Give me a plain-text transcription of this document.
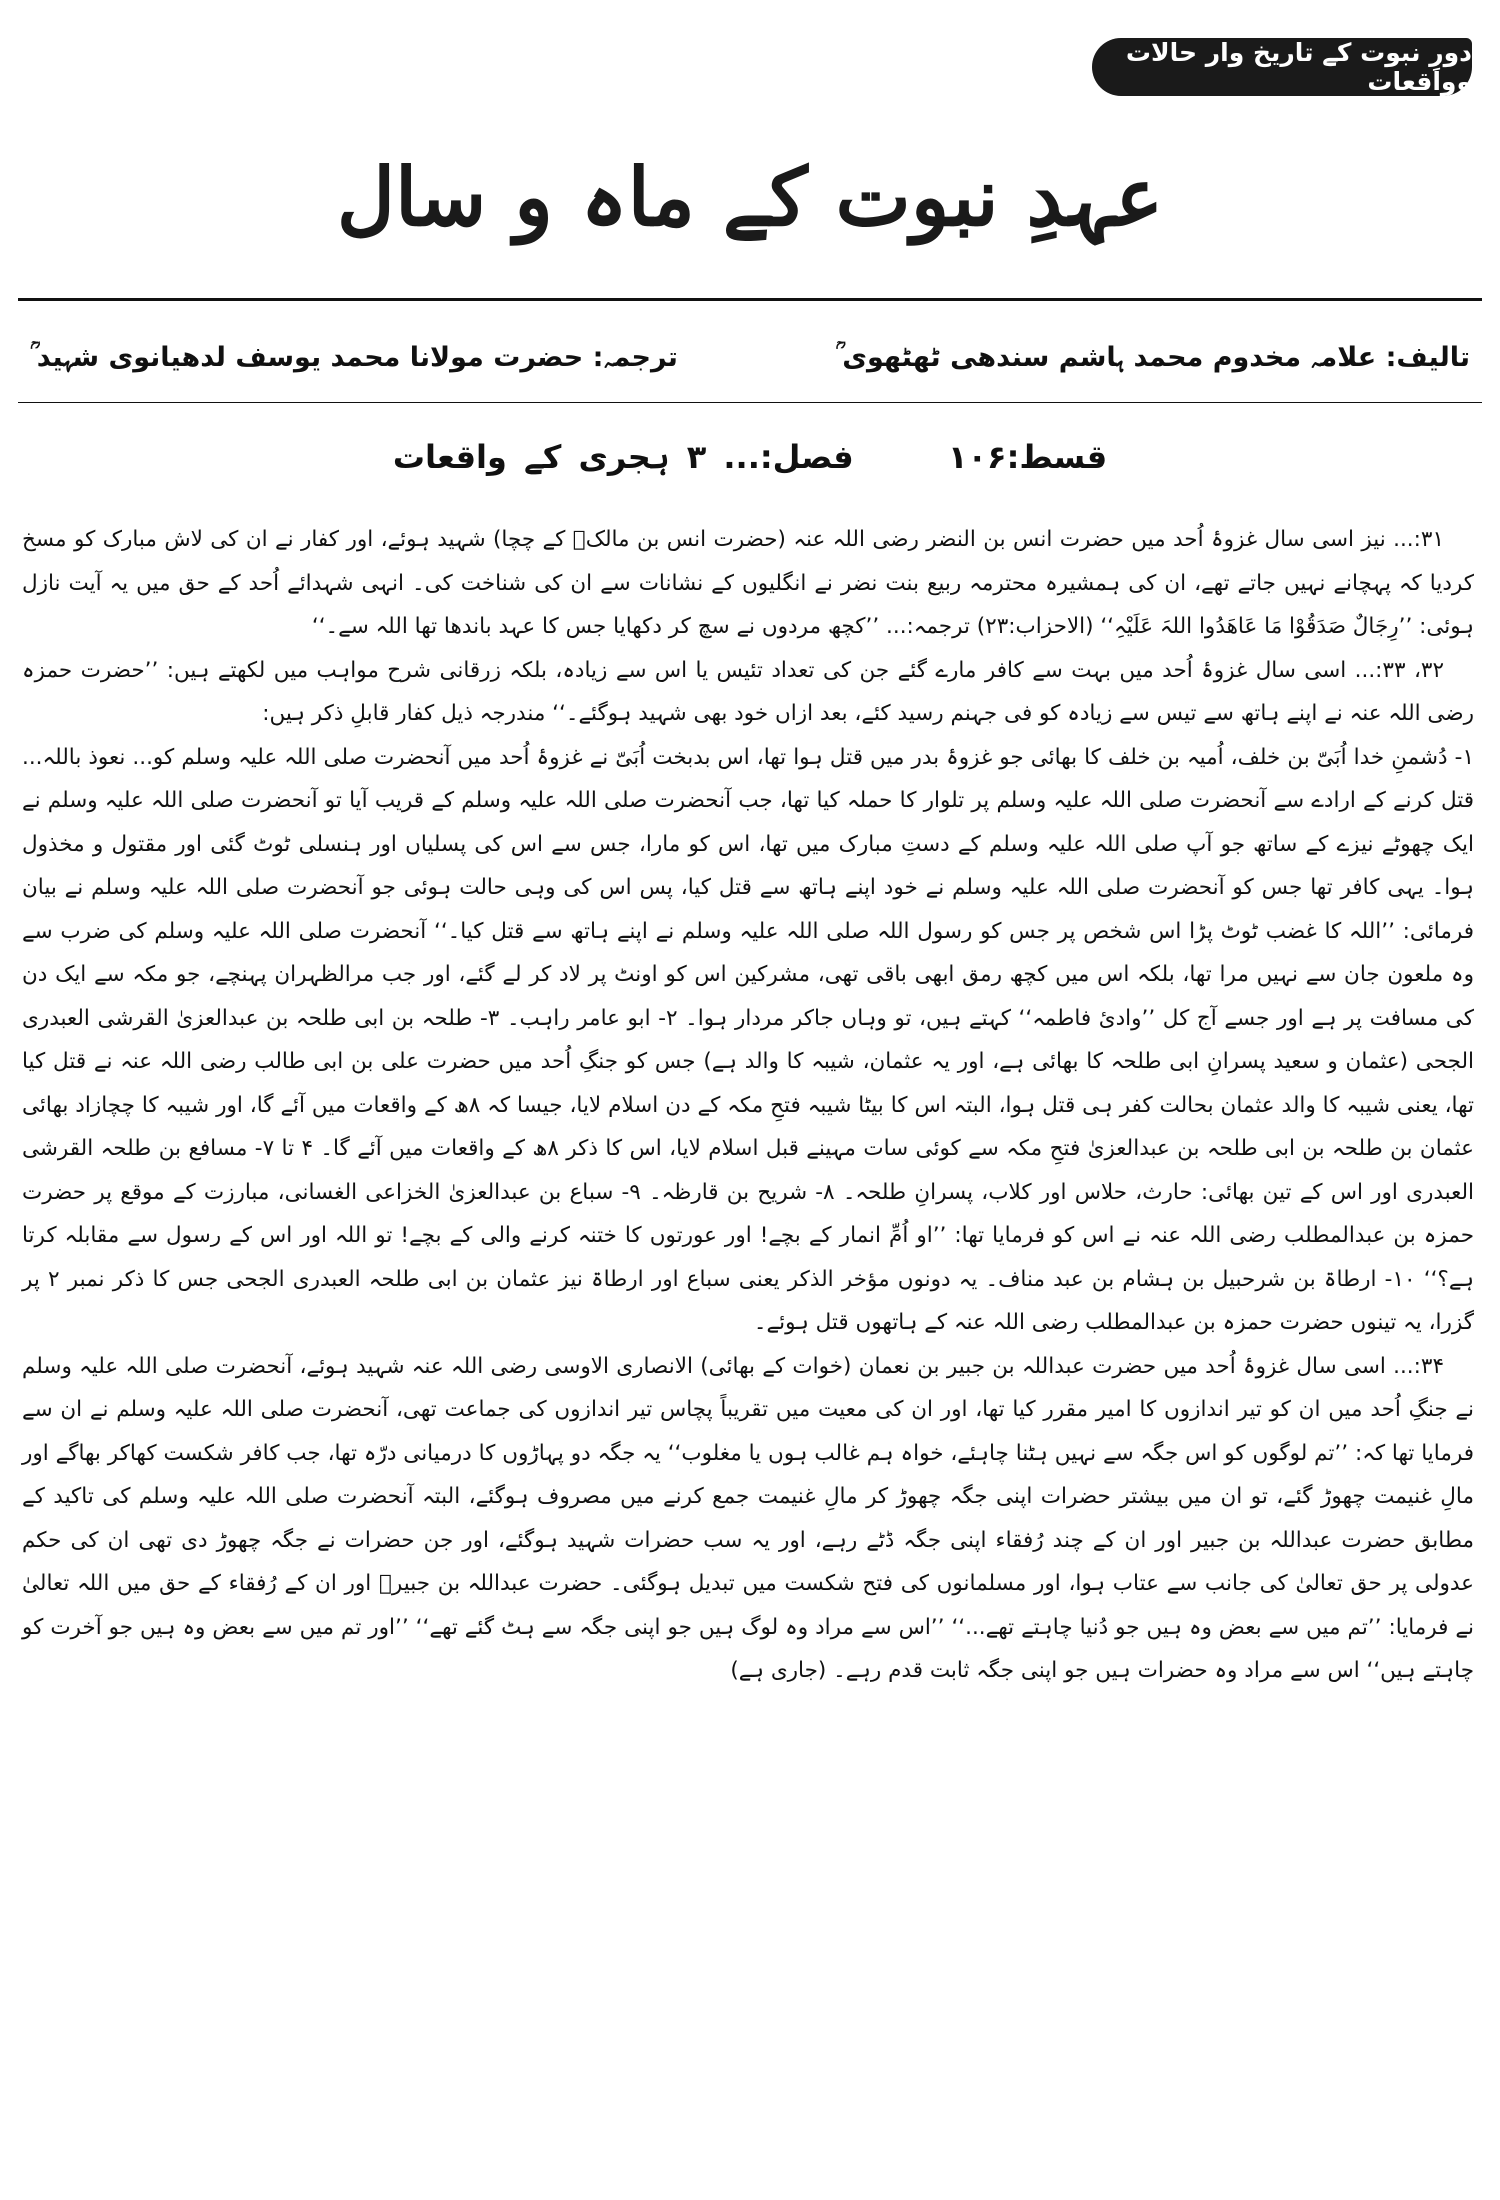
دورِ نبوت کے تاریخ وار حالات وواقعات
عہدِ نبوت کے ماہ و سال
تالیف: علامہ مخدوم محمد ہاشم سندھی ٹھٹھوی ؒ
ترجمہ: حضرت مولانا محمد یوسف لدھیانوی شہید ؒ
قسط:۱۰۶  فصل:... ۳ ہجری کے واقعات

۳۱:... نیز اسی سال غزوۂ اُحد میں حضرت انس بن النضر رضی اللہ عنہ (حضرت انس بن مالکؓ کے چچا) شہید ہوئے، اور کفار نے ان کی لاش مبارک کو مسخ کردیا کہ پہچانے نہیں جاتے تھے، ان کی ہمشیرہ محترمہ ربیع بنت نضر نے انگلیوں کے نشانات سے ان کی شناخت کی۔ انہی شہدائے اُحد کے حق میں یہ آیت نازل ہوئی: ’’رِجَالٌ صَدَقُوْا مَا عَاھَدُوا اللہَ عَلَیْہِ‘‘ (الاحزاب:۲۳) ترجمہ:... ’’کچھ مردوں نے سچ کر دکھایا جس کا عہد باندھا تھا اللہ سے۔‘‘

۳۲، ۳۳:... اسی سال غزوۂ اُحد میں بہت سے کافر مارے گئے جن کی تعداد تئیس یا اس سے زیادہ، بلکہ زرقانی شرح مواہب میں لکھتے ہیں: ’’حضرت حمزہ رضی اللہ عنہ نے اپنے ہاتھ سے تیس سے زیادہ کو فی جہنم رسید کئے، بعد ازاں خود بھی شہید ہوگئے۔‘‘ مندرجہ ذیل کفار قابلِ ذکر ہیں:

۱- دُشمنِ خدا اُبَیّ بن خلف، اُمیہ بن خلف کا بھائی جو غزوۂ بدر میں قتل ہوا تھا، اس بدبخت اُبَیّ نے غزوۂ اُحد میں آنحضرت صلی اللہ علیہ وسلم کو... نعوذ باللہ... قتل کرنے کے ارادے سے آنحضرت صلی اللہ علیہ وسلم پر تلوار کا حملہ کیا تھا، جب آنحضرت صلی اللہ علیہ وسلم کے قریب آیا تو آنحضرت صلی اللہ علیہ وسلم نے ایک چھوٹے نیزے کے ساتھ جو آپ صلی اللہ علیہ وسلم کے دستِ مبارک میں تھا، اس کو مارا، جس سے اس کی پسلیاں اور ہنسلی ٹوٹ گئی اور مقتول و مخذول ہوا۔ یہی کافر تھا جس کو آنحضرت صلی اللہ علیہ وسلم نے خود اپنے ہاتھ سے قتل کیا، پس اس کی وہی حالت ہوئی جو آنحضرت صلی اللہ علیہ وسلم نے بیان فرمائی: ’’اللہ کا غضب ٹوٹ پڑا اس شخص پر جس کو رسول اللہ صلی اللہ علیہ وسلم نے اپنے ہاتھ سے قتل کیا۔‘‘ آنحضرت صلی اللہ علیہ وسلم کی ضرب سے وہ ملعون جان سے نہیں مرا تھا، بلکہ اس میں کچھ رمق ابھی باقی تھی، مشرکین اس کو اونٹ پر لاد کر لے گئے، اور جب مرالظہران پہنچے، جو مکہ سے ایک دن کی مسافت پر ہے اور جسے آج کل ’’وادیٔ فاطمہ‘‘ کہتے ہیں، تو وہاں جاکر مردار ہوا۔ ۲- ابو عامر راہب۔ ۳- طلحہ بن ابی طلحہ بن عبدالعزیٰ القرشی العبدری الجحی (عثمان و سعید پسرانِ ابی طلحہ کا بھائی ہے، اور یہ عثمان، شیبہ کا والد ہے) جس کو جنگِ اُحد میں حضرت علی بن ابی طالب رضی اللہ عنہ نے قتل کیا تھا، یعنی شیبہ کا والد عثمان بحالت کفر ہی قتل ہوا، البتہ اس کا بیٹا شیبہ فتحِ مکہ کے دن اسلام لایا، جیسا کہ ۸ھ کے واقعات میں آئے گا، اور شیبہ کا چچازاد بھائی عثمان بن طلحہ بن ابی طلحہ بن عبدالعزیٰ فتحِ مکہ سے کوئی سات مہینے قبل اسلام لایا، اس کا ذکر ۸ھ کے واقعات میں آئے گا۔ ۴ تا ۷- مسافع بن طلحہ القرشی العبدری اور اس کے تین بھائی: حارث، حلاس اور کلاب، پسرانِ طلحہ۔ ۸- شریح بن قارظہ۔ ۹- سباع بن عبدالعزیٰ الخزاعی الغسانی، مبارزت کے موقع پر حضرت حمزہ بن عبدالمطلب رضی اللہ عنہ نے اس کو فرمایا تھا: ’’او اُمِّ انمار کے بچے! اور عورتوں کا ختنہ کرنے والی کے بچے! تو اللہ اور اس کے رسول سے مقابلہ کرتا ہے؟‘‘ ۱۰- ارطاۃ بن شرحبیل بن ہشام بن عبد مناف۔ یہ دونوں مؤخر الذکر یعنی سباع اور ارطاۃ نیز عثمان بن ابی طلحہ العبدری الجحی جس کا ذکر نمبر ۲ پر گزرا، یہ تینوں حضرت حمزہ بن عبدالمطلب رضی اللہ عنہ کے ہاتھوں قتل ہوئے۔

۳۴:... اسی سال غزوۂ اُحد میں حضرت عبداللہ بن جبیر بن نعمان (خوات کے بھائی) الانصاری الاوسی رضی اللہ عنہ شہید ہوئے، آنحضرت صلی اللہ علیہ وسلم نے جنگِ اُحد میں ان کو تیر اندازوں کا امیر مقرر کیا تھا، اور ان کی معیت میں تقریباً پچاس تیر اندازوں کی جماعت تھی، آنحضرت صلی اللہ علیہ وسلم نے ان سے فرمایا تھا کہ: ’’تم لوگوں کو اس جگہ سے نہیں ہٹنا چاہئے، خواہ ہم غالب ہوں یا مغلوب‘‘ یہ جگہ دو پہاڑوں کا درمیانی درّہ تھا، جب کافر شکست کھاکر بھاگے اور مالِ غنیمت چھوڑ گئے، تو ان میں بیشتر حضرات اپنی جگہ چھوڑ کر مالِ غنیمت جمع کرنے میں مصروف ہوگئے، البتہ آنحضرت صلی اللہ علیہ وسلم کی تاکید کے مطابق حضرت عبداللہ بن جبیر اور ان کے چند رُفقاء اپنی جگہ ڈٹے رہے، اور یہ سب حضرات شہید ہوگئے، اور جن حضرات نے جگہ چھوڑ دی تھی ان کی حکم عدولی پر حق تعالیٰ کی جانب سے عتاب ہوا، اور مسلمانوں کی فتح شکست میں تبدیل ہوگئی۔ حضرت عبداللہ بن جبیرؓ اور ان کے رُفقاء کے حق میں اللہ تعالیٰ نے فرمایا: ’’تم میں سے بعض وہ ہیں جو دُنیا چاہتے تھے...‘‘ ’’اس سے مراد وہ لوگ ہیں جو اپنی جگہ سے ہٹ گئے تھے‘‘ ’’اور تم میں سے بعض وہ ہیں جو آخرت کو چاہتے ہیں‘‘ اس سے مراد وہ حضرات ہیں جو اپنی جگہ ثابت قدم رہے۔ (جاری ہے)
